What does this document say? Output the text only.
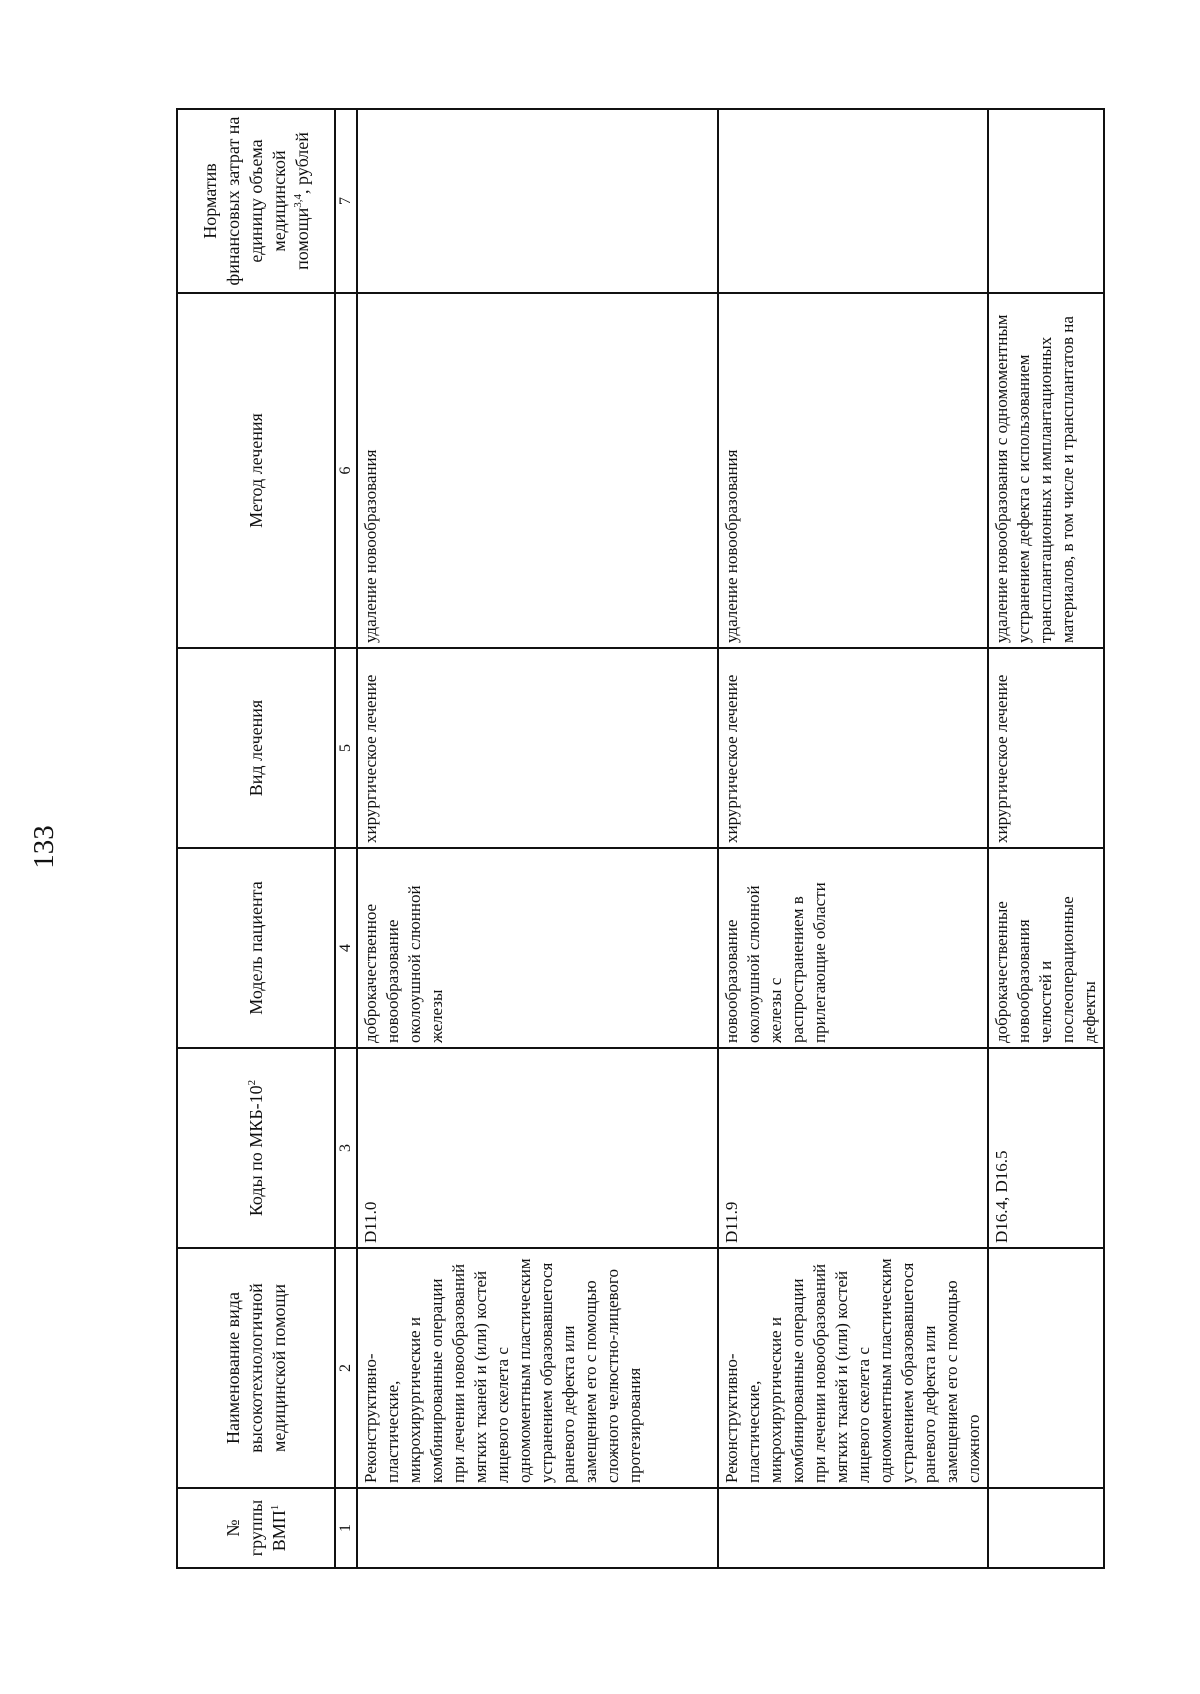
133
№ группы ВМП$^1$	Наименование вида высокотехнологичной медицинской помощи	Коды по МКБ-$10^2$	Модель пациента	Вид лечения	Метод лечения	Норматив финансовых затрат на единицу объема медицинской помощи$^{3,4}$, рублей
1	2	3	4	5	6	7
	Реконструктивно-пластические, микрохирургические и комбинированные операции при лечении новообразований мягких тканей и (или) костей лицевого скелета с одномоментным пластическим устранением образовавшегося раневого дефекта или замещением его с помощью сложного челюстно-лицевого протезирования	D11.0	доброкачественное новообразование околоушной слюнной железы	хирургическое лечение	удаление новообразования	
	Реконструктивно-пластические, микрохирургические и комбинированные операции при лечении новообразований мягких тканей и (или) костей лицевого скелета с одномоментным пластическим устранением образовавшегося раневого дефекта или замещением его с помощью сложного	D11.9	новообразование околоушной слюнной железы с распространением в прилегающие области	хирургическое лечение	удаление новообразования	
		D16.4, D16.5	доброкачественные новообразования челюстей и послеоперационные дефекты	хирургическое лечение	удаление новообразования с одномоментным устранением дефекта с использованием трансплантационных и имплантационных материалов, в том числе и трансплантатов на	
